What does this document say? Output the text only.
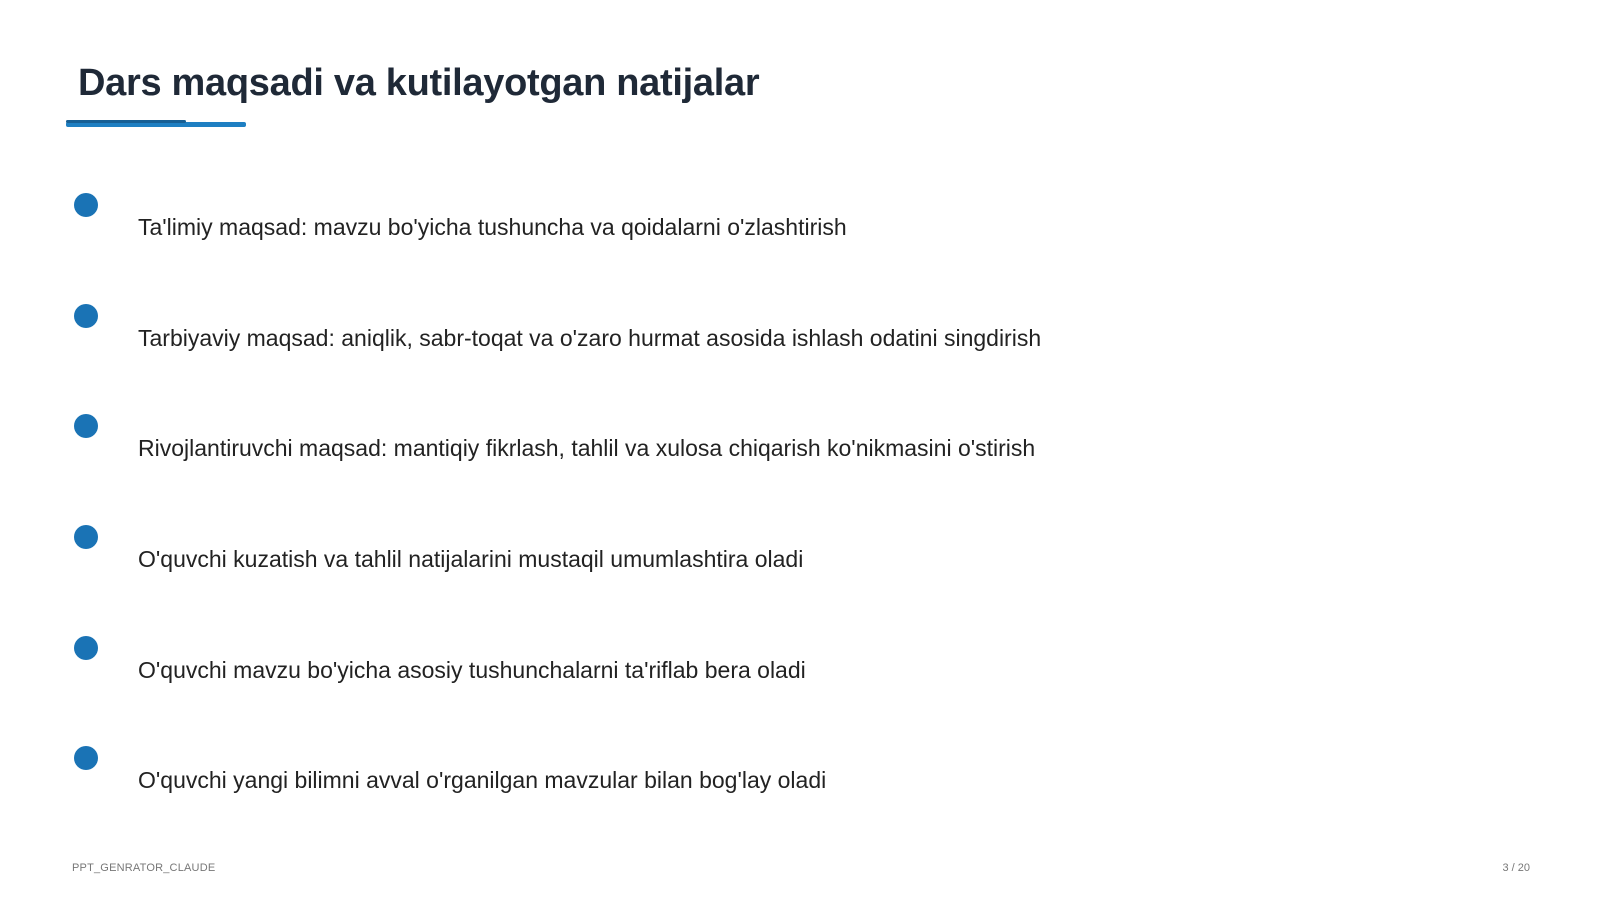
Dars maqsadi va kutilayotgan natijalar
Ta'limiy maqsad: mavzu bo'yicha tushuncha va qoidalarni o'zlashtirish
Tarbiyaviy maqsad: aniqlik, sabr-toqat va o'zaro hurmat asosida ishlash odatini singdirish
Rivojlantiruvchi maqsad: mantiqiy fikrlash, tahlil va xulosa chiqarish ko'nikmasini o'stirish
O'quvchi kuzatish va tahlil natijalarini mustaqil umumlashtira oladi
O'quvchi mavzu bo'yicha asosiy tushunchalarni ta'riflab bera oladi
O'quvchi yangi bilimni avval o'rganilgan mavzular bilan bog'lay oladi
PPT_GENRATOR_CLAUDE	3 / 20
